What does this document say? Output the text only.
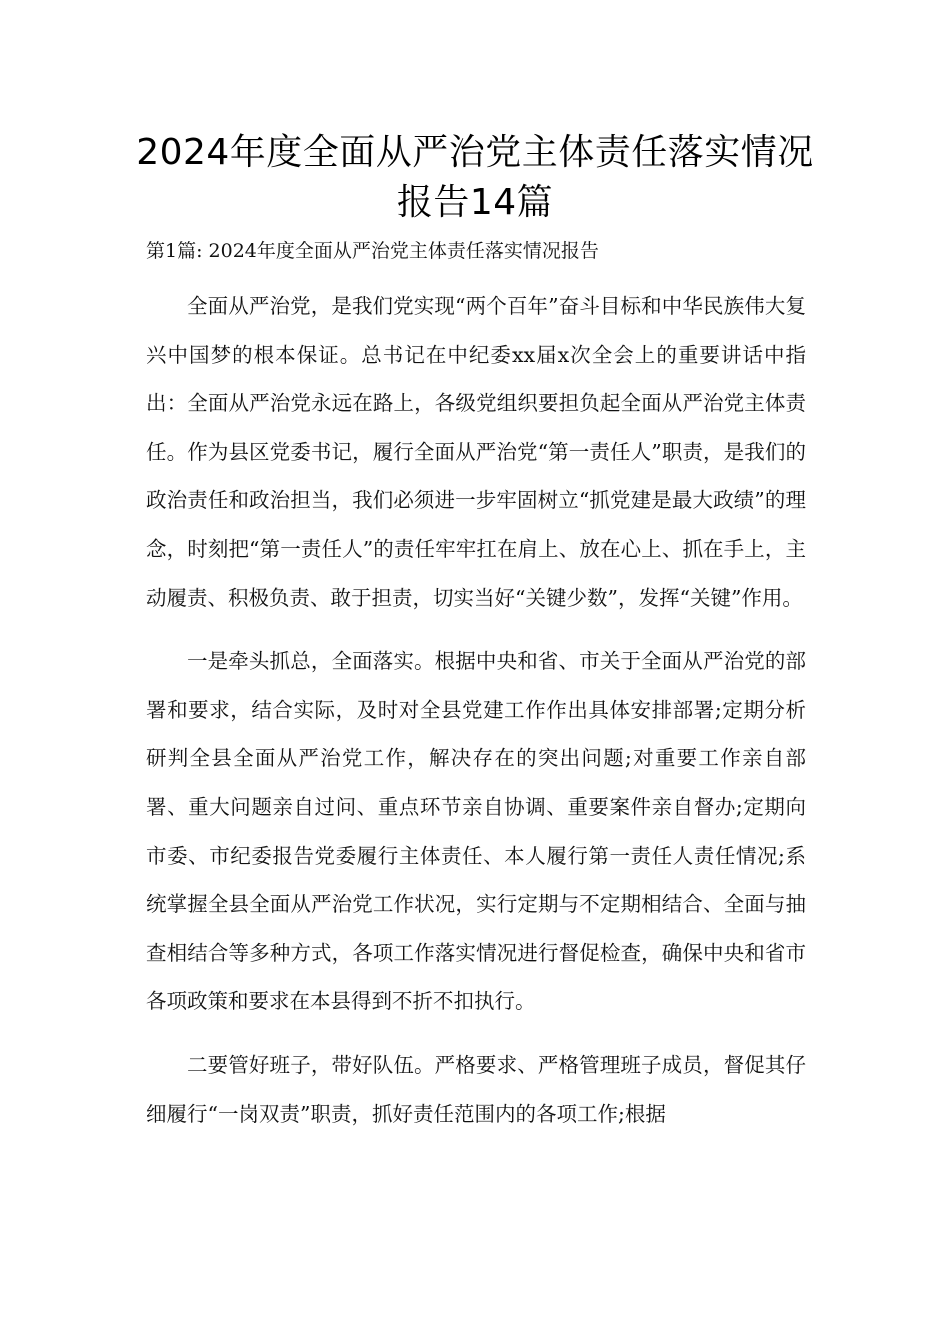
2024年度全面从严治党主体责任落实情况报告14篇
第1篇: 2024年度全面从严治党主体责任落实情况报告

全面从严治党，是我们党实现“两个百年”奋斗目标和中华民族伟大复兴中国梦的根本保证。总书记在中纪委xx届x次全会上的重要讲话中指出：全面从严治党永远在路上，各级党组织要担负起全面从严治党主体责任。作为县区党委书记，履行全面从严治党“第一责任人”职责，是我们的政治责任和政治担当，我们必须进一步牢固树立“抓党建是最大政绩”的理念，时刻把“第一责任人”的责任牢牢扛在肩上、放在心上、抓在手上，主动履责、积极负责、敢于担责，切实当好“关键少数”，发挥“关键”作用。

一是牵头抓总，全面落实。根据中央和省、市关于全面从严治党的部署和要求，结合实际，及时对全县党建工作作出具体安排部署;定期分析研判全县全面从严治党工作，解决存在的突出问题;对重要工作亲自部署、重大问题亲自过问、重点环节亲自协调、重要案件亲自督办;定期向市委、市纪委报告党委履行主体责任、本人履行第一责任人责任情况;系统掌握全县全面从严治党工作状况，实行定期与不定期相结合、全面与抽查相结合等多种方式，各项工作落实情况进行督促检查，确保中央和省市各项政策和要求在本县得到不折不扣执行。

二要管好班子，带好队伍。严格要求、严格管理班子成员，督促其仔细履行“一岗双责”职责，抓好责任范围内的各项工作;根据
